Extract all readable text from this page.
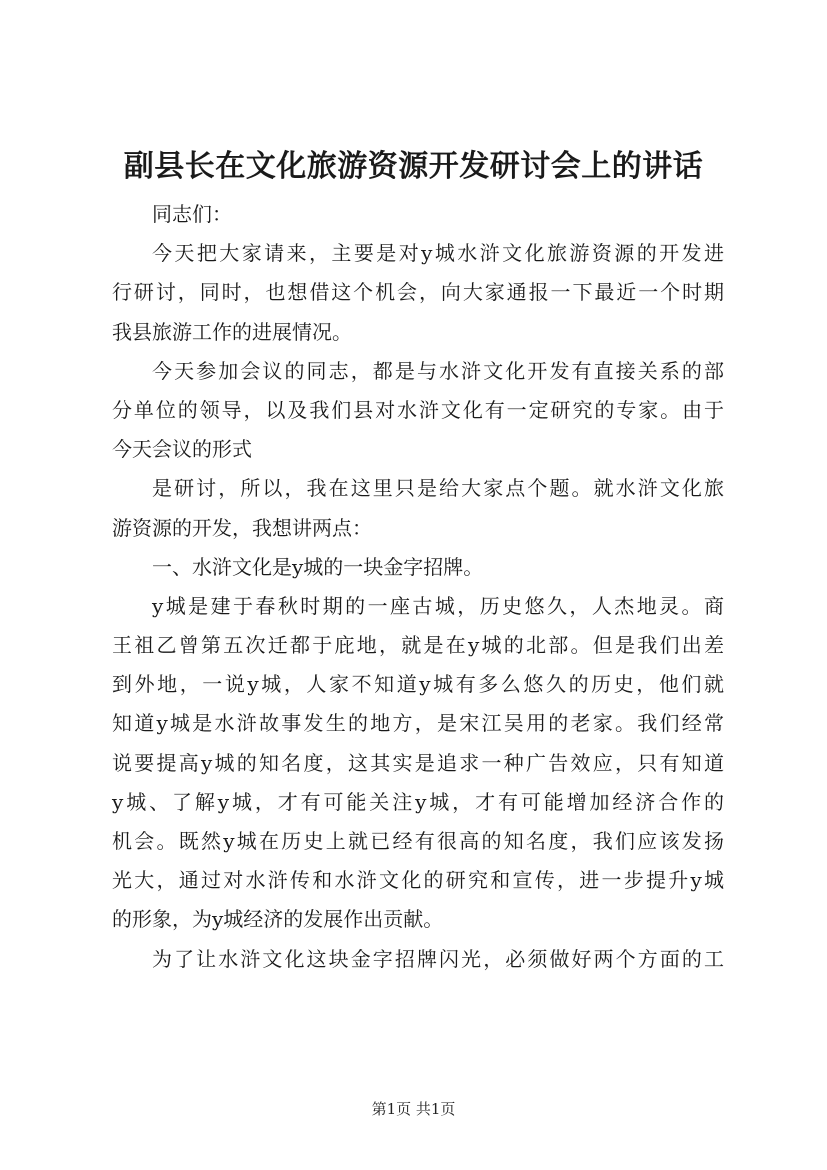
副县长在文化旅游资源开发研讨会上的讲话
同志们：
今天把大家请来，主要是对y城水浒文化旅游资源的开发进
行研讨，同时，也想借这个机会，向大家通报一下最近一个时期
我县旅游工作的进展情况。
今天参加会议的同志，都是与水浒文化开发有直接关系的部
分单位的领导，以及我们县对水浒文化有一定研究的专家。由于
今天会议的形式
是研讨，所以，我在这里只是给大家点个题。就水浒文化旅
游资源的开发，我想讲两点：
一、水浒文化是y城的一块金字招牌。
y城是建于春秋时期的一座古城，历史悠久，人杰地灵。商
王祖乙曾第五次迁都于庇地，就是在y城的北部。但是我们出差
到外地，一说y城，人家不知道y城有多么悠久的历史，他们就
知道y城是水浒故事发生的地方，是宋江吴用的老家。我们经常
说要提高y城的知名度，这其实是追求一种广告效应，只有知道
y城、了解y城，才有可能关注y城，才有可能增加经济合作的
机会。既然y城在历史上就已经有很高的知名度，我们应该发扬
光大，通过对水浒传和水浒文化的研究和宣传，进一步提升y城
的形象，为y城经济的发展作出贡献。
为了让水浒文化这块金字招牌闪光，必须做好两个方面的工
第1页 共1页
